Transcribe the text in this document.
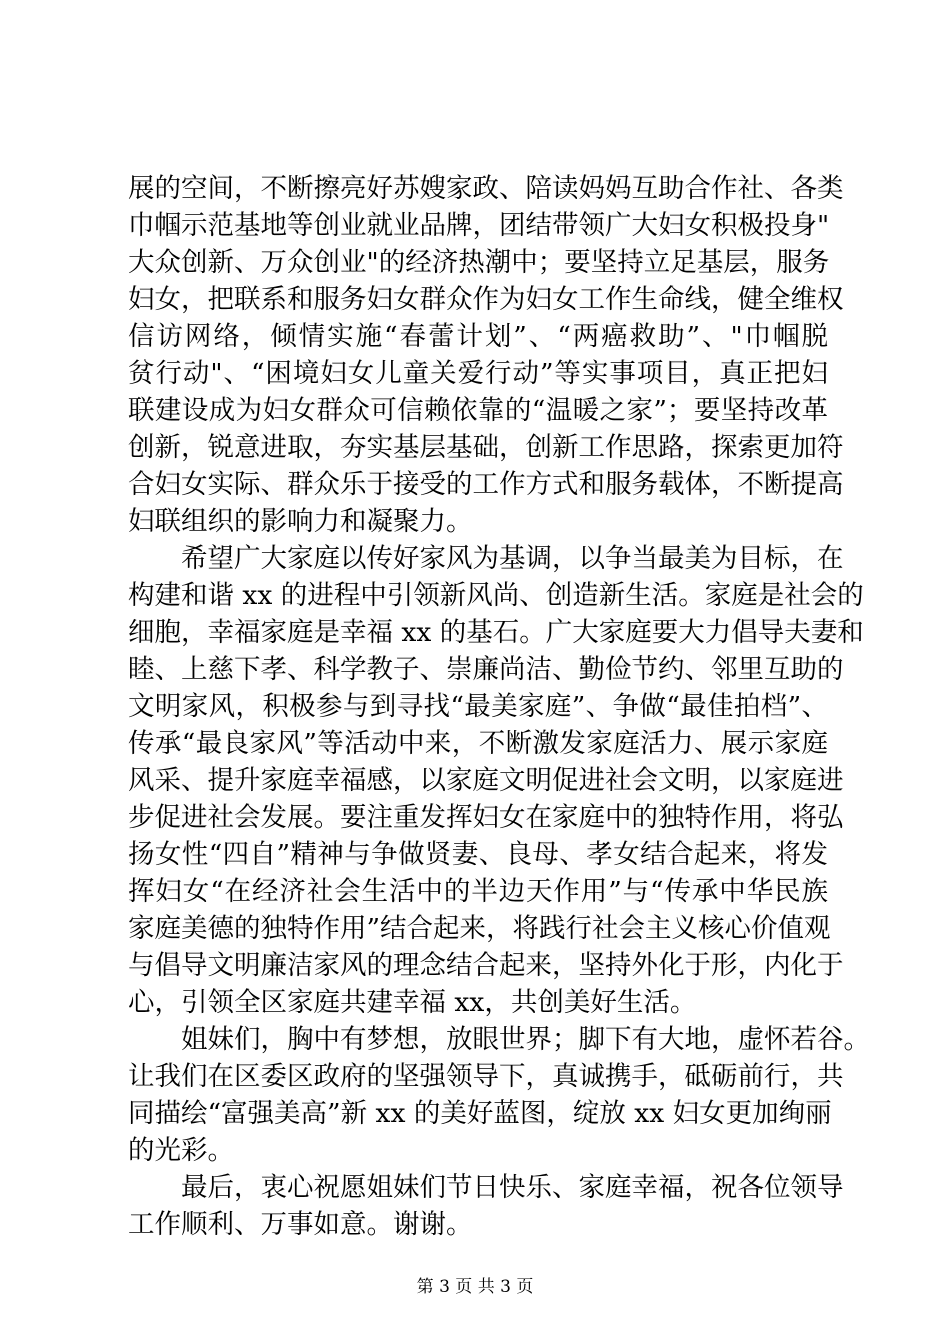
展的空间，不断擦亮好苏嫂家政、陪读妈妈互助合作社、各类
巾帼示范基地等创业就业品牌，团结带领广大妇女积极投身"
大众创新、万众创业"的经济热潮中；要坚持立足基层，服务
妇女，把联系和服务妇女群众作为妇女工作生命线，健全维权
信访网络，倾情实施“春蕾计划”、“两癌救助”、"巾帼脱
贫行动"、“困境妇女儿童关爱行动”等实事项目，真正把妇
联建设成为妇女群众可信赖依靠的“温暖之家”；要坚持改革
创新，锐意进取，夯实基层基础，创新工作思路，探索更加符
合妇女实际、群众乐于接受的工作方式和服务载体，不断提高
妇联组织的影响力和凝聚力。
希望广大家庭以传好家风为基调，以争当最美为目标，在
构建和谐 xx 的进程中引领新风尚、创造新生活。家庭是社会的
细胞，幸福家庭是幸福 xx 的基石。广大家庭要大力倡导夫妻和
睦、上慈下孝、科学教子、崇廉尚洁、勤俭节约、邻里互助的
文明家风，积极参与到寻找“最美家庭”、争做“最佳拍档”、
传承“最良家风”等活动中来，不断激发家庭活力、展示家庭
风采、提升家庭幸福感，以家庭文明促进社会文明，以家庭进
步促进社会发展。要注重发挥妇女在家庭中的独特作用，将弘
扬女性“四自”精神与争做贤妻、良母、孝女结合起来，将发
挥妇女“在经济社会生活中的半边天作用”与“传承中华民族
家庭美德的独特作用”结合起来，将践行社会主义核心价值观
与倡导文明廉洁家风的理念结合起来，坚持外化于形，内化于
心，引领全区家庭共建幸福 xx，共创美好生活。
姐妹们，胸中有梦想，放眼世界；脚下有大地，虚怀若谷。
让我们在区委区政府的坚强领导下，真诚携手，砥砺前行，共
同描绘“富强美高”新 xx 的美好蓝图，绽放 xx 妇女更加绚丽
的光彩。
最后，衷心祝愿姐妹们节日快乐、家庭幸福，祝各位领导
工作顺利、万事如意。谢谢。
第 3 页 共 3 页
